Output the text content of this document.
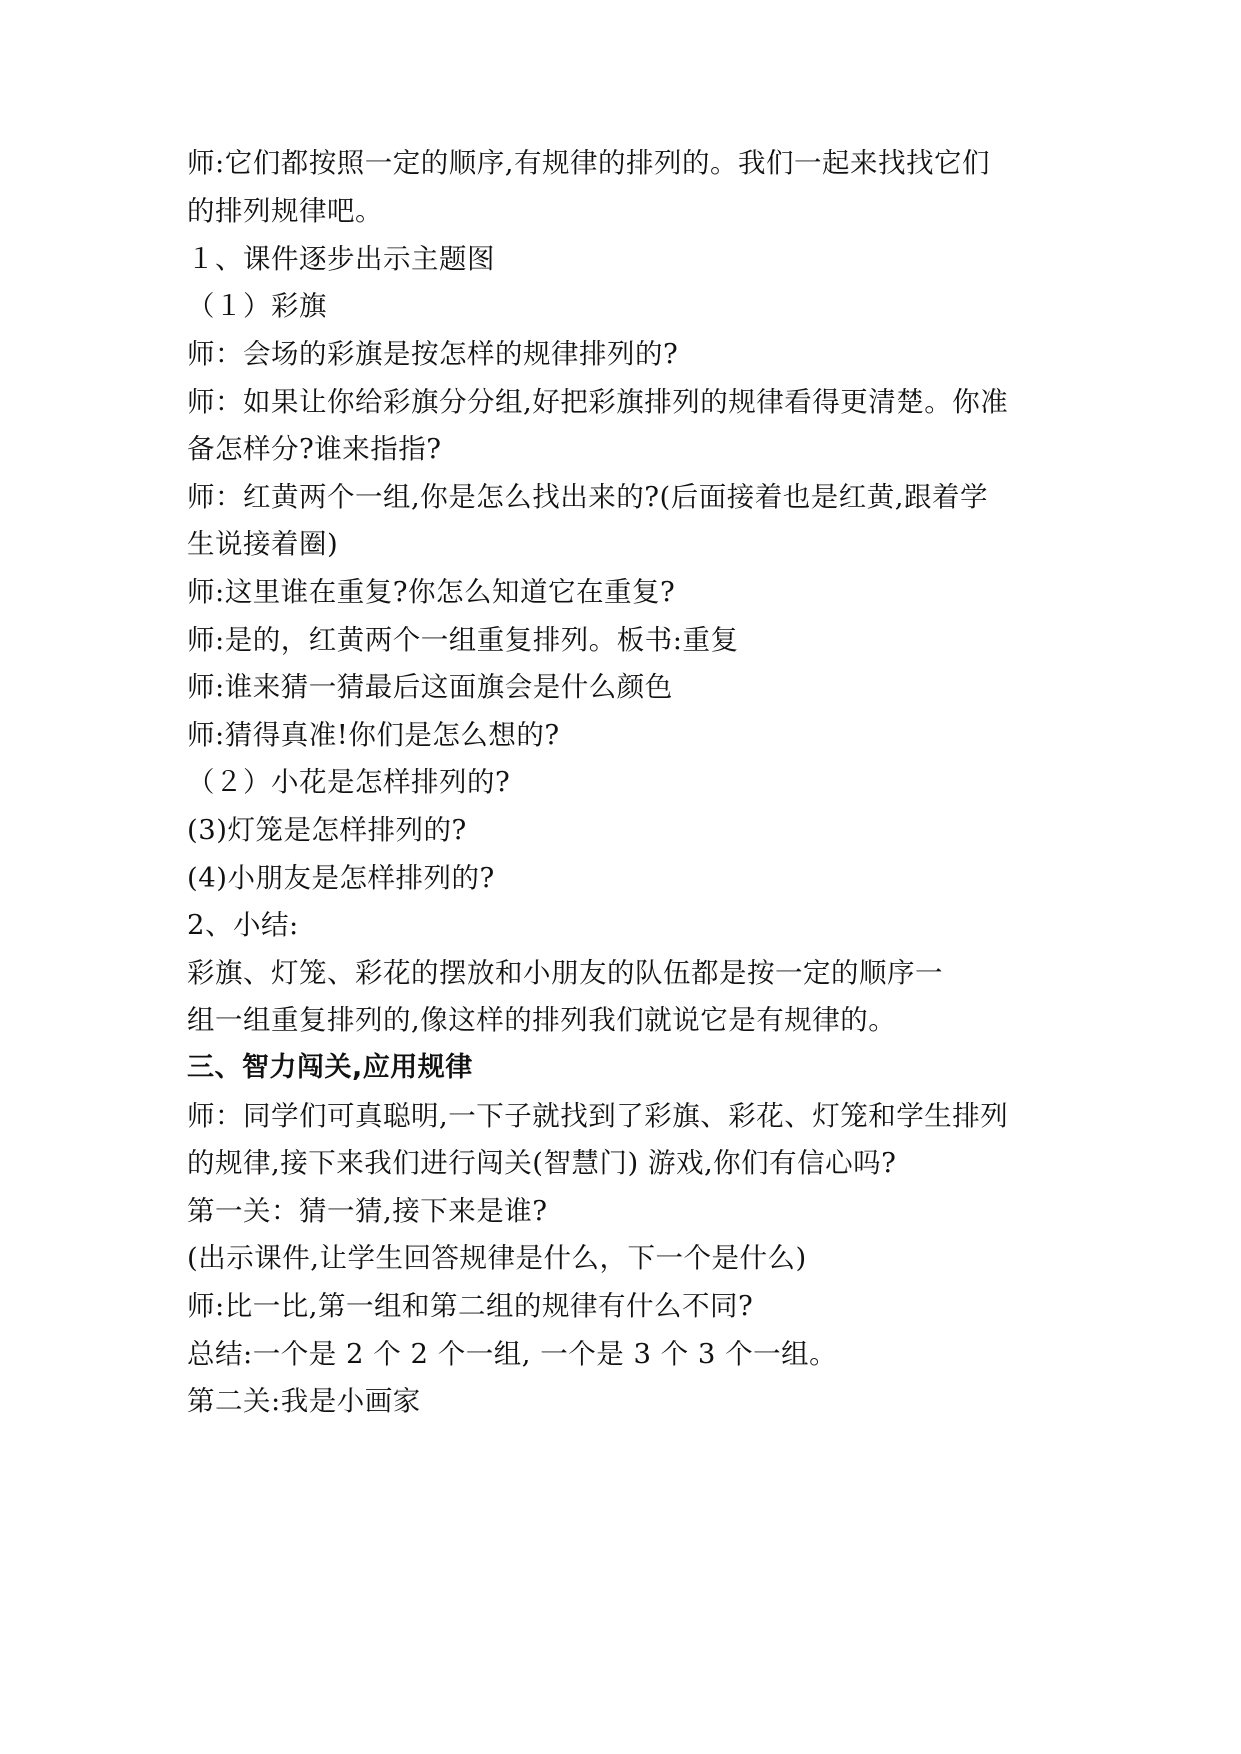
师:它们都按照一定的顺序,有规律的排列的。我们一起来找找它们
的排列规律吧。
１、课件逐步出示主题图
（１）彩旗
师：会场的彩旗是按怎样的规律排列的?
师：如果让你给彩旗分分组,好把彩旗排列的规律看得更清楚。你准
备怎样分?谁来指指?
师：红黄两个一组,你是怎么找出来的?(后面接着也是红黄,跟着学
生说接着圈)
师:这里谁在重复?你怎么知道它在重复?
师:是的，红黄两个一组重复排列。板书:重复
师:谁来猜一猜最后这面旗会是什么颜色
师:猜得真准!你们是怎么想的?
（２）小花是怎样排列的?
(3)灯笼是怎样排列的?
(4)小朋友是怎样排列的?
2、小结:
彩旗、灯笼、彩花的摆放和小朋友的队伍都是按一定的顺序一
组一组重复排列的,像这样的排列我们就说它是有规律的。
三、智力闯关,应用规律
师：同学们可真聪明,一下子就找到了彩旗、彩花、灯笼和学生排列
的规律,接下来我们进行闯关(智慧门) 游戏,你们有信心吗?
第一关：猜一猜,接下来是谁?
(出示课件,让学生回答规律是什么，下一个是什么)
师:比一比,第一组和第二组的规律有什么不同?
总结:一个是 2 个 2 个一组, 一个是 3 个 3 个一组。
第二关:我是小画家
